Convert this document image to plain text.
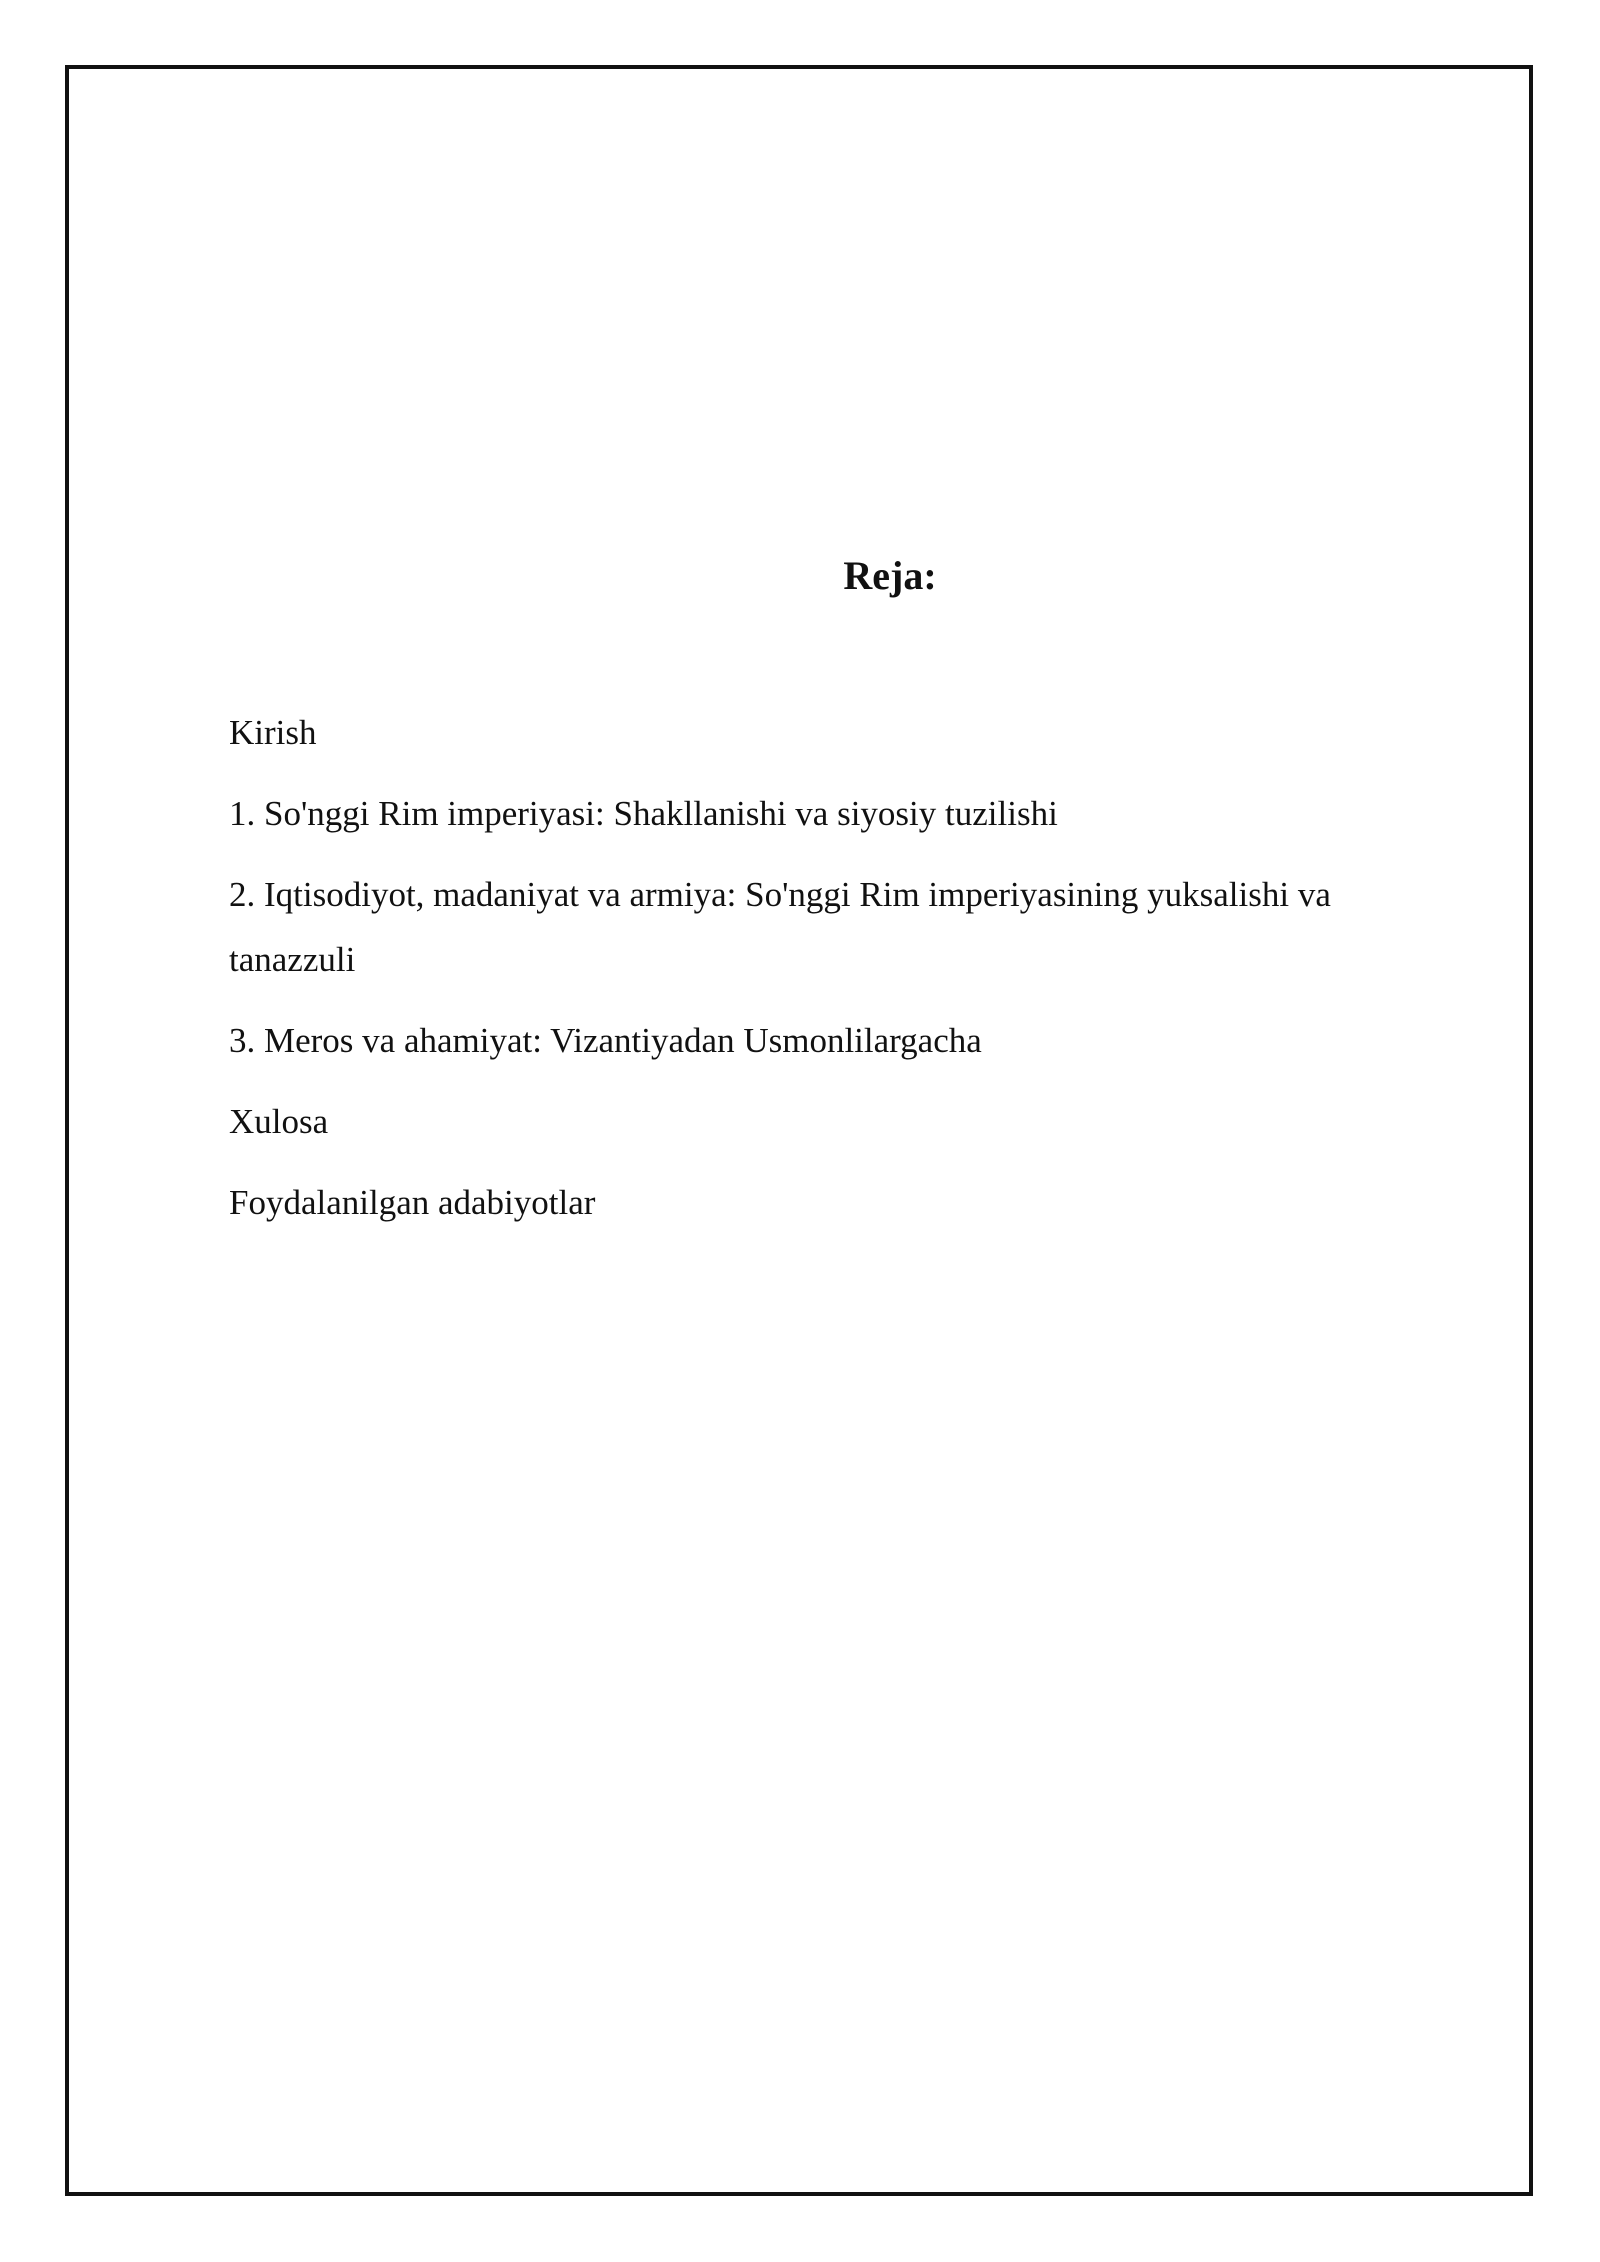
Reja:
Kirish
1. So'nggi Rim imperiyasi: Shakllanishi va siyosiy tuzilishi
2. Iqtisodiyot, madaniyat va armiya: So'nggi Rim imperiyasining yuksalishi va tanazzuli
3. Meros va ahamiyat: Vizantiyadan Usmonlilargacha
Xulosa
Foydalanilgan adabiyotlar
